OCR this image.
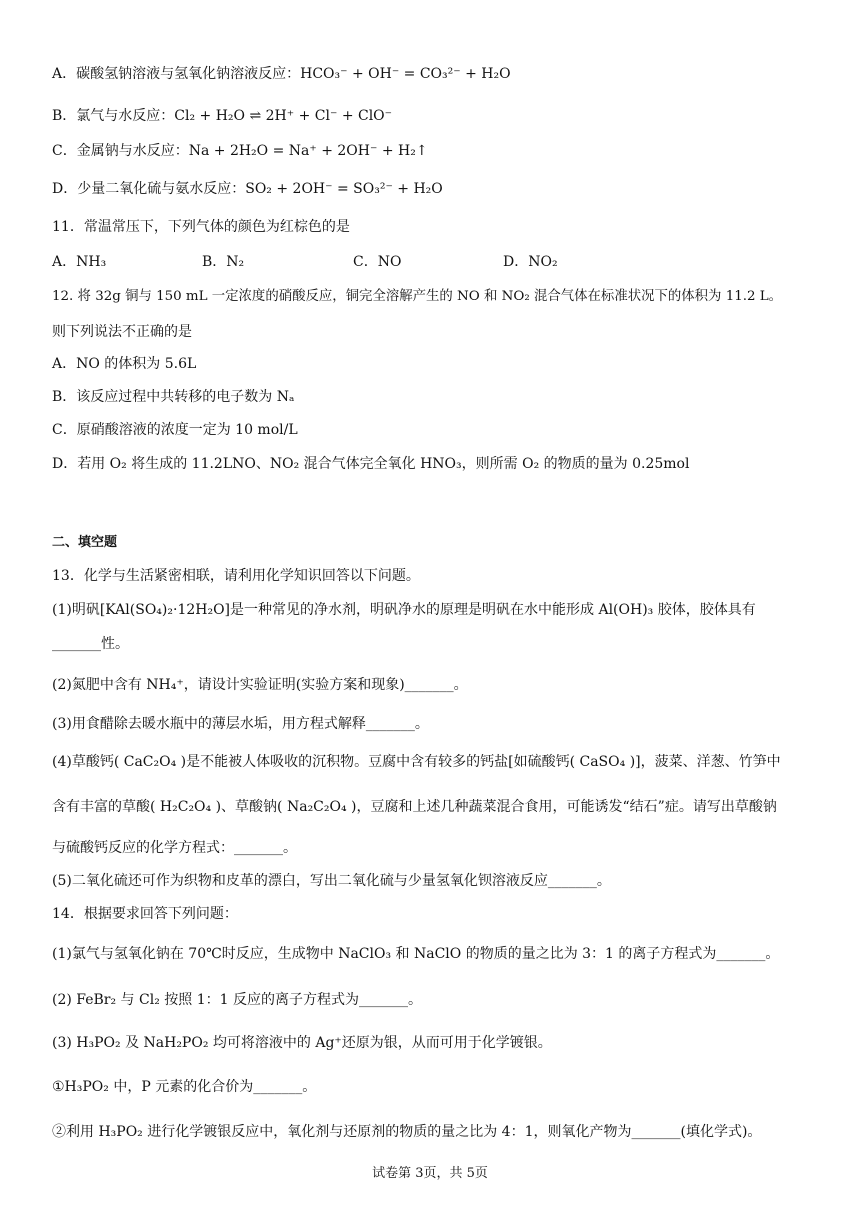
A．碳酸氢钠溶液与氢氧化钠溶液反应：HCO₃⁻ + OH⁻ = CO₃²⁻ + H₂O
B．氯气与水反应：Cl₂ + H₂O ⇌ 2H⁺ + Cl⁻ + ClO⁻
C．金属钠与水反应：Na + 2H₂O = Na⁺ + 2OH⁻ + H₂↑
D．少量二氧化硫与氨水反应：SO₂ + 2OH⁻ = SO₃²⁻ + H₂O
11．常温常压下，下列气体的颜色为红棕色的是
A．NH₃	B．N₂	C．NO	D．NO₂
12. 将 32g 铜与 150 mL 一定浓度的硝酸反应，铜完全溶解产生的 NO 和 NO₂ 混合气体在标准状况下的体积为 11.2 L。
则下列说法不正确的是
A．NO 的体积为 5.6L
B．该反应过程中共转移的电子数为 Nₐ
C．原硝酸溶液的浓度一定为 10 mol/L
D．若用 O₂ 将生成的 11.2LNO、NO₂ 混合气体完全氧化 HNO₃，则所需 O₂ 的物质的量为 0.25mol
二、填空题
13．化学与生活紧密相联，请利用化学知识回答以下问题。
(1)明矾[KAl(SO₄)₂·12H₂O]是一种常见的净水剂，明矾净水的原理是明矾在水中能形成 Al(OH)₃ 胶体，胶体具有
_______性。
(2)氮肥中含有 NH₄⁺，请设计实验证明(实验方案和现象)_______。
(3)用食醋除去暖水瓶中的薄层水垢，用方程式解释_______。
(4)草酸钙( CaC₂O₄ )是不能被人体吸收的沉积物。豆腐中含有较多的钙盐[如硫酸钙( CaSO₄ )]，菠菜、洋葱、竹笋中
含有丰富的草酸( H₂C₂O₄ )、草酸钠( Na₂C₂O₄ )，豆腐和上述几种蔬菜混合食用，可能诱发“结石”症。请写出草酸钠
与硫酸钙反应的化学方程式：_______。
(5)二氧化硫还可作为织物和皮革的漂白，写出二氧化硫与少量氢氧化钡溶液反应_______。
14．根据要求回答下列问题：
(1)氯气与氢氧化钠在 70℃时反应，生成物中 NaClO₃ 和 NaClO 的物质的量之比为 3：1 的离子方程式为_______。
(2) FeBr₂ 与 Cl₂ 按照 1：1 反应的离子方程式为_______。
(3) H₃PO₂ 及 NaH₂PO₂ 均可将溶液中的 Ag⁺还原为银，从而可用于化学镀银。
①H₃PO₂ 中，P 元素的化合价为_______。
②利用 H₃PO₂ 进行化学镀银反应中，氧化剂与还原剂的物质的量之比为 4：1，则氧化产物为_______(填化学式)。
试卷第 3页，共 5页
